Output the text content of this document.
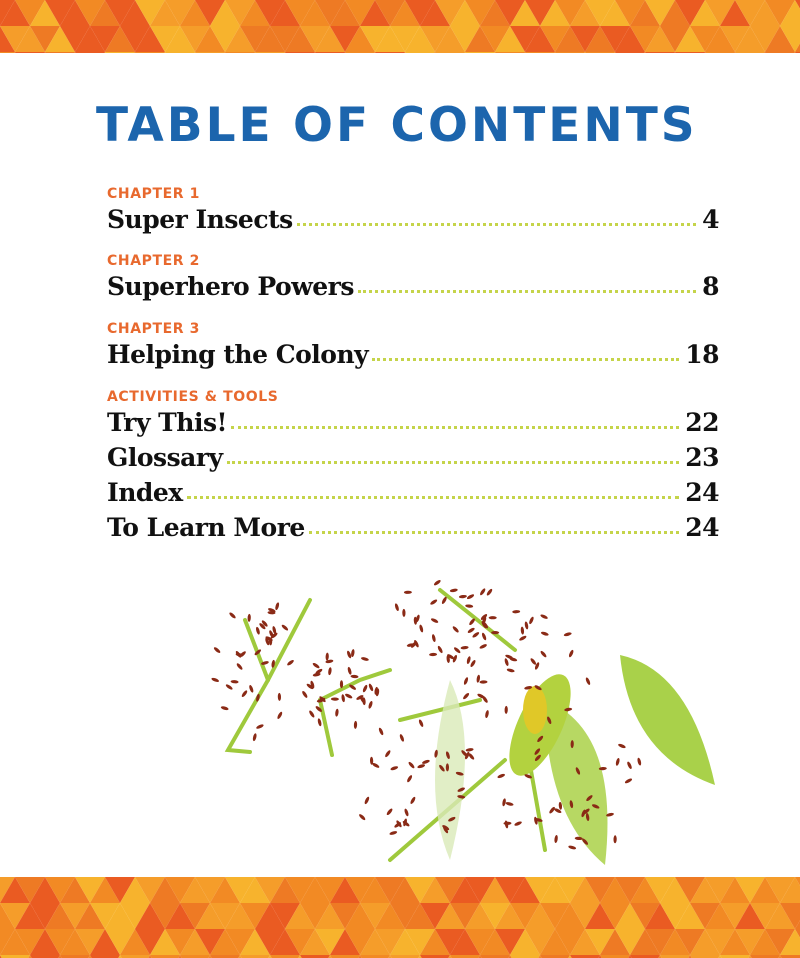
TABLE OF CONTENTS
CHAPTER 1
Super Insects	4
CHAPTER 2
Superhero Powers	8
CHAPTER 3
Helping the Colony	18
ACTIVITIES & TOOLS
Try This!	22
Glossary	23
Index	24
To Learn More	24
